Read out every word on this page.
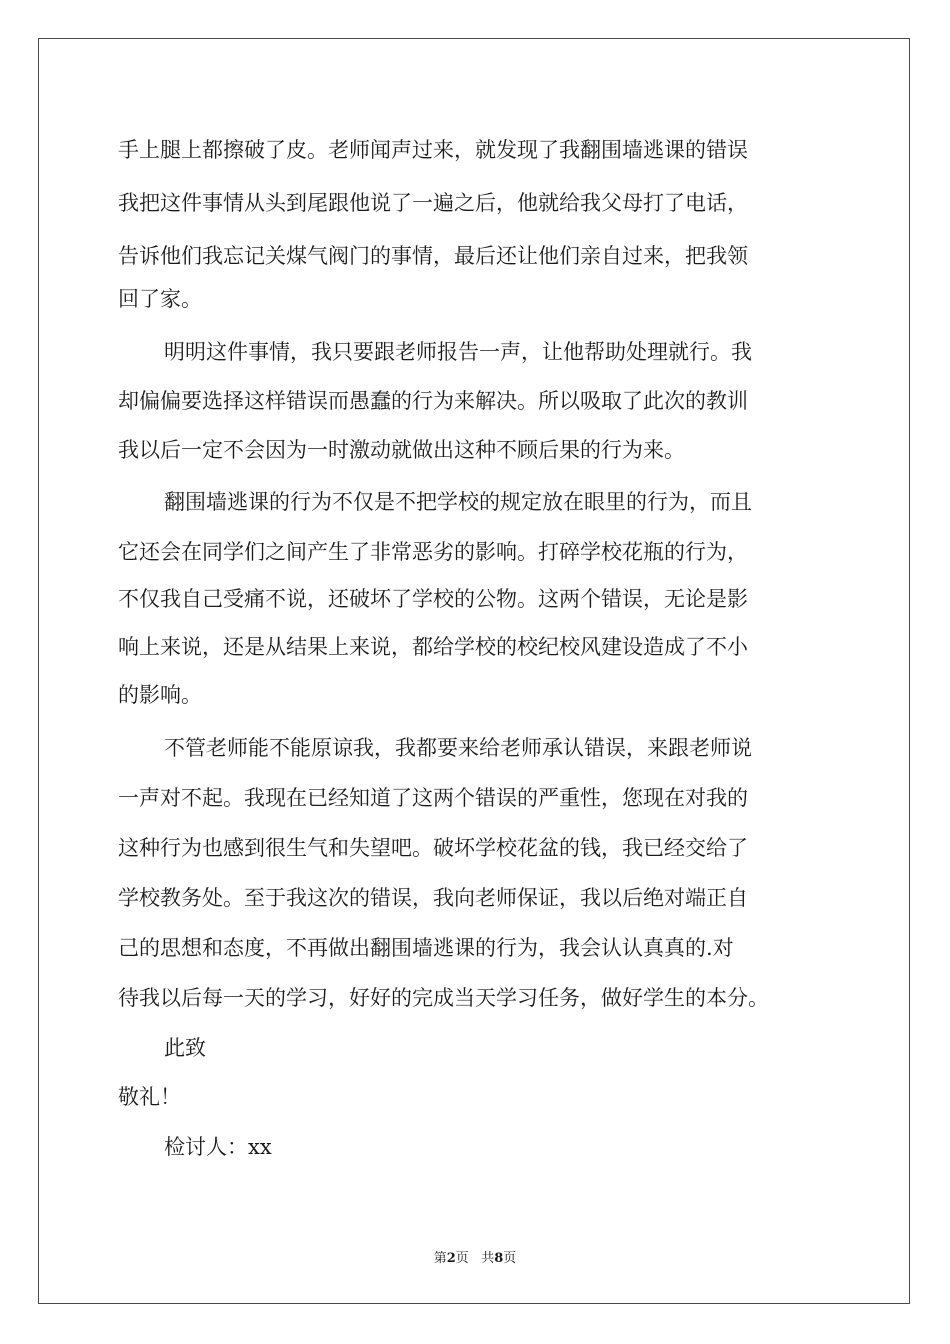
手上腿上都擦破了皮。老师闻声过来，就发现了我翻围墙逃课的错误
我把这件事情从头到尾跟他说了一遍之后，他就给我父母打了电话，
告诉他们我忘记关煤气阀门的事情，最后还让他们亲自过来，把我领
回了家。
明明这件事情，我只要跟老师报告一声，让他帮助处理就行。我
却偏偏要选择这样错误而愚蠢的行为来解决。所以吸取了此次的教训
我以后一定不会因为一时激动就做出这种不顾后果的行为来。
翻围墙逃课的行为不仅是不把学校的规定放在眼里的行为，而且
它还会在同学们之间产生了非常恶劣的影响。打碎学校花瓶的行为，
不仅我自己受痛不说，还破坏了学校的公物。这两个错误，无论是影
响上来说，还是从结果上来说，都给学校的校纪校风建设造成了不小
的影响。
不管老师能不能原谅我，我都要来给老师承认错误，来跟老师说
一声对不起。我现在已经知道了这两个错误的严重性，您现在对我的
这种行为也感到很生气和失望吧。破坏学校花盆的钱，我已经交给了
学校教务处。至于我这次的错误，我向老师保证，我以后绝对端正自
己的思想和态度，不再做出翻围墙逃课的行为，我会认认真真的.对
待我以后每一天的学习，好好的完成当天学习任务，做好学生的本分。
此致
敬礼！
检讨人：xx
第2页 共8页
